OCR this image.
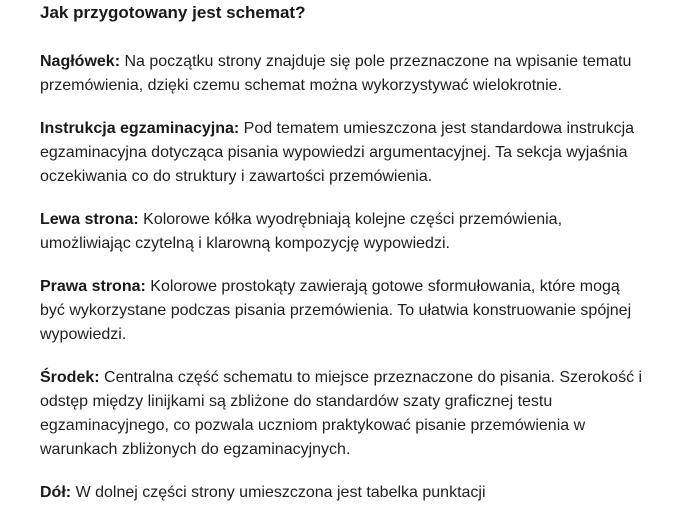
Jak przygotowany jest schemat?

Nagłówek: Na początku strony znajduje się pole przeznaczone na wpisanie tematu przemówienia, dzięki czemu schemat można wykorzystywać wielokrotnie.

Instrukcja egzaminacyjna: Pod tematem umieszczona jest standardowa instrukcja egzaminacyjna dotycząca pisania wypowiedzi argumentacyjnej. Ta sekcja wyjaśnia oczekiwania co do struktury i zawartości przemówienia.

Lewa strona: Kolorowe kółka wyodrębniają kolejne części przemówienia, umożliwiając czytelną i klarowną kompozycję wypowiedzi.

Prawa strona: Kolorowe prostokąty zawierają gotowe sformułowania, które mogą być wykorzystane podczas pisania przemówienia. To ułatwia konstruowanie spójnej wypowiedzi.

Środek: Centralna część schematu to miejsce przeznaczone do pisania. Szerokość i odstęp między linijkami są zbliżone do standardów szaty graficznej testu egzaminacyjnego, co pozwala uczniom praktykować pisanie przemówienia w warunkach zbliżonych do egzaminacyjnych.

Dół: W dolnej części strony umieszczona jest tabelka punktacji
